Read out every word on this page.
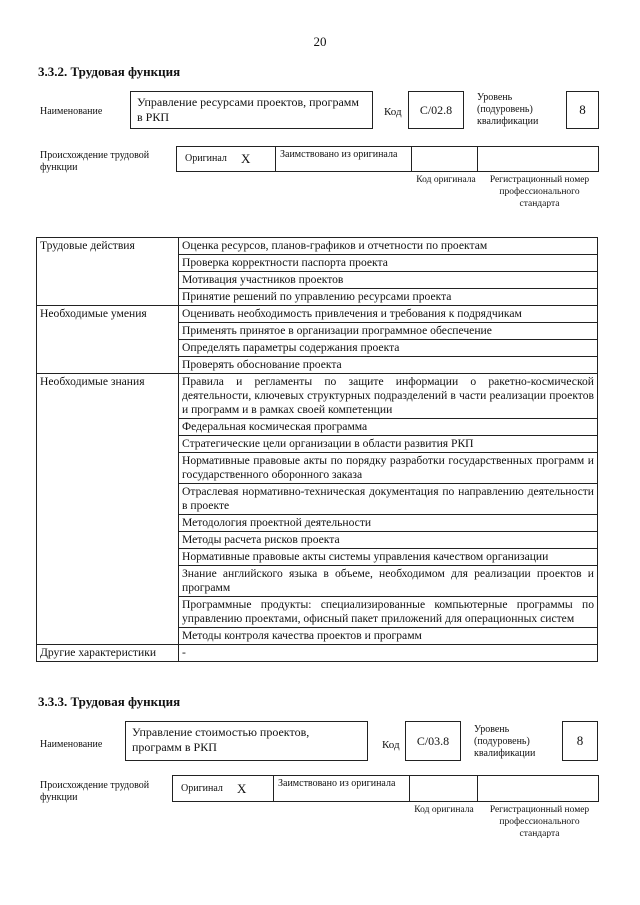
20
3.3.2. Трудовая функция
Наименование
Управление ресурсами проектов, программ в РКП	Код	C/02.8
Уровень (подуровень) квалификации
8
Происхождение трудовой функции
Оригинал	X	Заимствовано из оригинала
Код оригинала	Регистрационный номер профессионального стандарта
Трудовые действия	Оценка ресурсов, планов-графиков и отчетности по проектам
	Проверка корректности паспорта проекта
	Мотивация участников проектов
	Принятие решений по управлению ресурсами проекта
Необходимые умения	Оценивать необходимость привлечения и требования к подрядчикам
	Применять принятое в организации программное обеспечение
	Определять параметры содержания проекта
	Проверять обоснование проекта
Необходимые знания	Правила и регламенты по защите информации о ракетно-космической деятельности, ключевых структурных подразделений в части реализации проектов и программ и в рамках своей компетенции
	Федеральная космическая программа
	Стратегические цели организации в области развития РКП
	Нормативные правовые акты по порядку разработки государственных программ и государственного оборонного заказа
	Отраслевая нормативно-техническая документация по направлению деятельности в проекте
	Методология проектной деятельности
	Методы расчета рисков проекта
	Нормативные правовые акты системы управления качеством организации
	Знание английского языка в объеме, необходимом для реализации проектов и программ
	Программные продукты: специализированные компьютерные программы по управлению проектами, офисный пакет приложений для операционных систем
	Методы контроля качества проектов и программ
Другие характеристики	-
3.3.3. Трудовая функция
Наименование
Управление стоимостью проектов, программ в РКП	Код	C/03.8
Уровень (подуровень) квалификации
8
Происхождение трудовой функции
Оригинал	X	Заимствовано из оригинала
Код оригинала	Регистрационный номер профессионального стандарта
